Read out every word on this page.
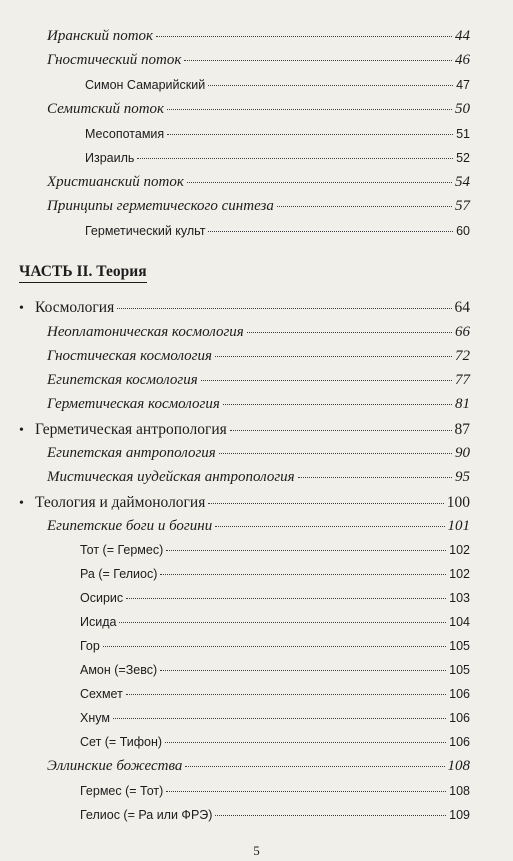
Иранский поток	44
Гностический поток	46
Симон Самарийский	47
Семитский поток	50
Месопотамия	51
Израиль	52
Христианский поток	54
Принципы герметического синтеза	57
Герметический культ	60
ЧАСТЬ II. Теория
•
•
•
Космология	64
Неоплатоническая космология	66
Гностическая космология	72
Египетская космология	77
Герметическая космология	81
Герметическая антропология	87
Египетская антропология	90
Мистическая иудейская антропология	95
Теология и даймонология	100
Египетские боги и богини	101
Тот (= Гермес)	102
Ра (= Гелиос)	102
Осирис	103
Исида	104
Гор	105
Амон (=Зевс)	105
Сехмет	106
Хнум	106
Сет (= Тифон)	106
Эллинские божества	108
Гермес (= Тот)	108
Гелиос (= Ра или ФРЭ)	109
5
